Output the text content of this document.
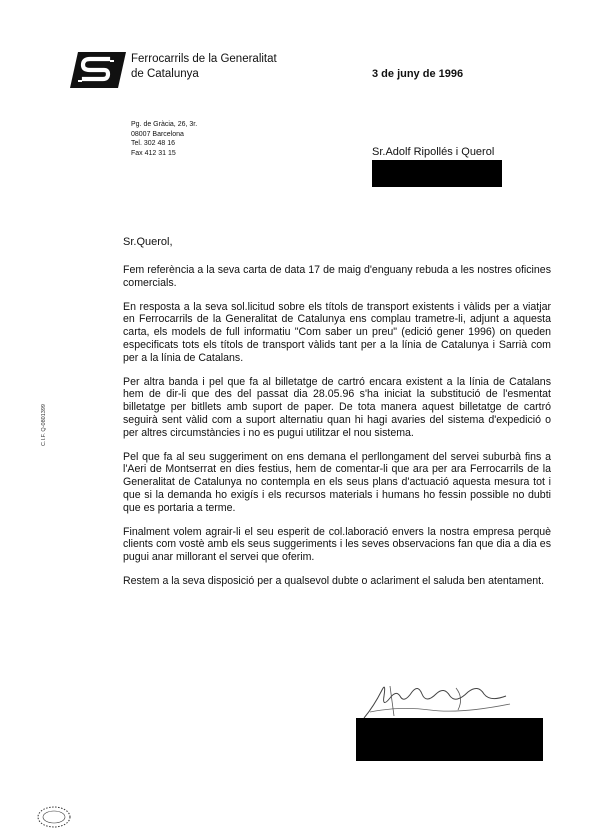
Ferrocarrils de la Generalitat
de Catalunya
Pg. de Gràcia, 26, 3r.
08007 Barcelona
Tel. 302 48 16
Fax 412 31 15
3 de juny de 1996
Sr.Adolf Ripollés i Querol
C.I.F. Q-0801399
Sr.Querol,

Fem referència a la seva carta de data 17 de maig d'enguany rebuda a les nostres oficines comercials.

En resposta a la seva sol.licitud sobre els títols de transport existents i vàlids per a viatjar en Ferrocarrils de la Generalitat de Catalunya ens complau trametre-li, adjunt a aquesta carta, els models de full informatiu "Com saber un preu" (edició gener 1996) on queden especificats tots els títols de transport vàlids tant per a la línia de Catalunya i Sarrià com per a la línia de Catalans.

Per altra banda i pel que fa al billetatge de cartró encara existent a la línia de Catalans hem de dir-li que des del passat dia 28.05.96 s'ha iniciat la substitució de l'esmentat billetatge per bitllets amb suport de paper. De tota manera aquest billetatge de cartró seguirà sent vàlid com a suport alternatiu quan hi hagi avaries del sistema d'expedició o per altres circumstàncies i no es pugui utilitzar el nou sistema.

Pel que fa al seu suggeriment on ens demana el perllongament del servei suburbà fins a l'Aeri de Montserrat en dies festius, hem de comentar-li que ara per ara Ferrocarrils de la Generalitat de Catalunya no contempla en els seus plans d'actuació aquesta mesura tot i que si la demanda ho exigís i els recursos materials i humans ho fessin possible no dubti que es portaria a terme.

Finalment volem agrair-li el seu esperit de col.laboració envers la nostra empresa perquè clients com vostè amb els seus suggeriments i les seves observacions fan que dia a dia es pugui anar millorant el servei que oferim.

Restem a la seva disposició per a qualsevol dubte o aclariment el saluda ben atentament.
